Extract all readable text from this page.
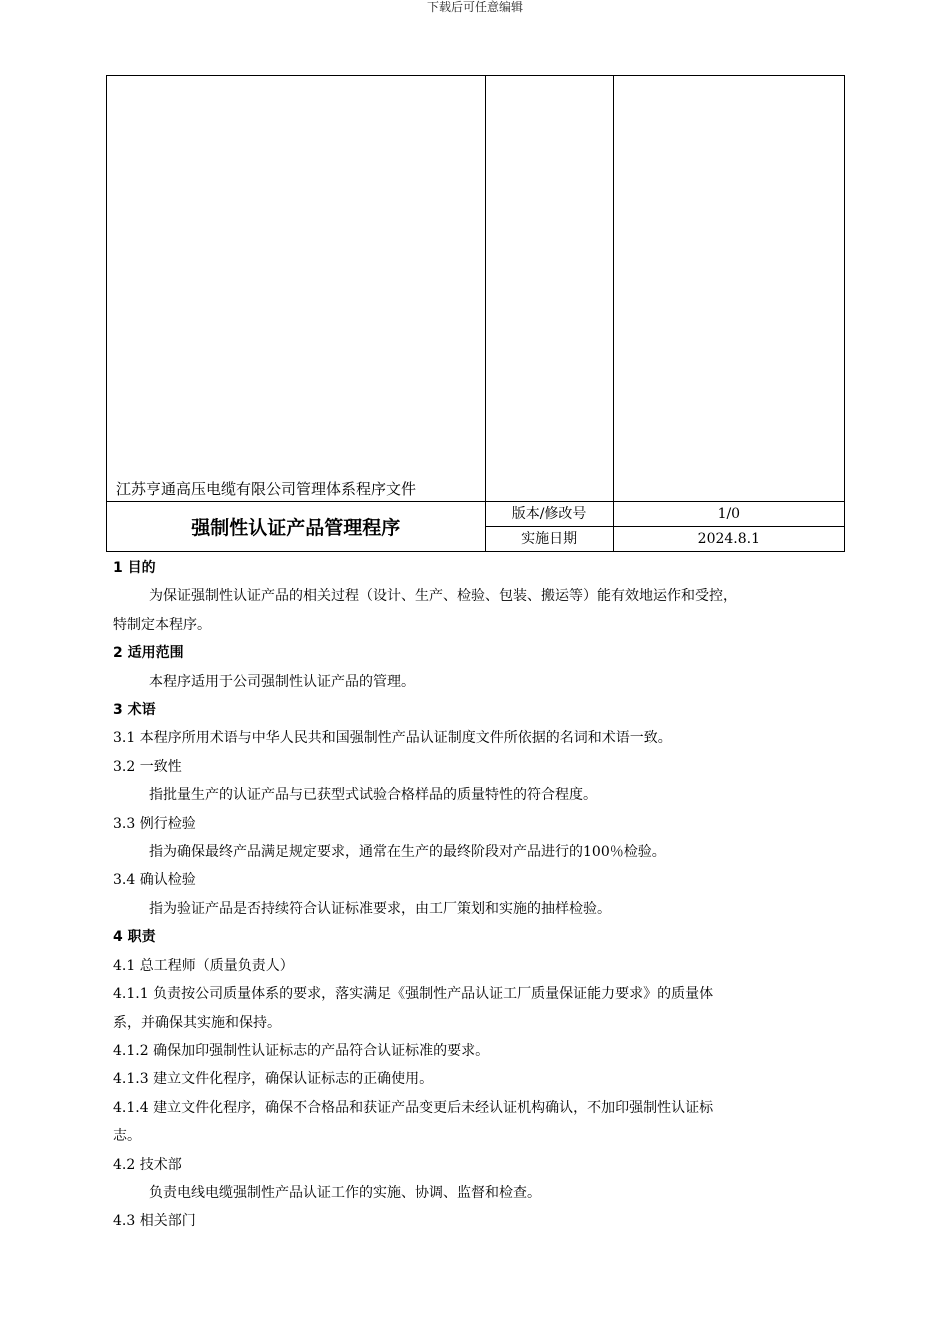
下载后可任意编辑
江苏亨通高压电缆有限公司管理体系程序文件		
强制性认证产品管理程序	版本/修改号	1/0
	实施日期	2024.8.1

1 目的

为保证强制性认证产品的相关过程（设计、生产、检验、包装、搬运等）能有效地运作和受控，

特制定本程序。

2 适用范围

本程序适用于公司强制性认证产品的管理。

3 术语

3.1 本程序所用术语与中华人民共和国强制性产品认证制度文件所依据的名词和术语一致。

3.2 一致性

指批量生产的认证产品与已获型式试验合格样品的质量特性的符合程度。

3.3 例行检验

指为确保最终产品满足规定要求，通常在生产的最终阶段对产品进行的100％检验。

3.4 确认检验

指为验证产品是否持续符合认证标准要求，由工厂策划和实施的抽样检验。

4 职责

4.1 总工程师（质量负责人）

4.1.1 负责按公司质量体系的要求，落实满足《强制性产品认证工厂质量保证能力要求》的质量体

系，并确保其实施和保持。

4.1.2 确保加印强制性认证标志的产品符合认证标准的要求。

4.1.3 建立文件化程序，确保认证标志的正确使用。

4.1.4 建立文件化程序，确保不合格品和获证产品变更后未经认证机构确认，不加印强制性认证标

志。

4.2 技术部

负责电线电缆强制性产品认证工作的实施、协调、监督和检查。

4.3 相关部门
